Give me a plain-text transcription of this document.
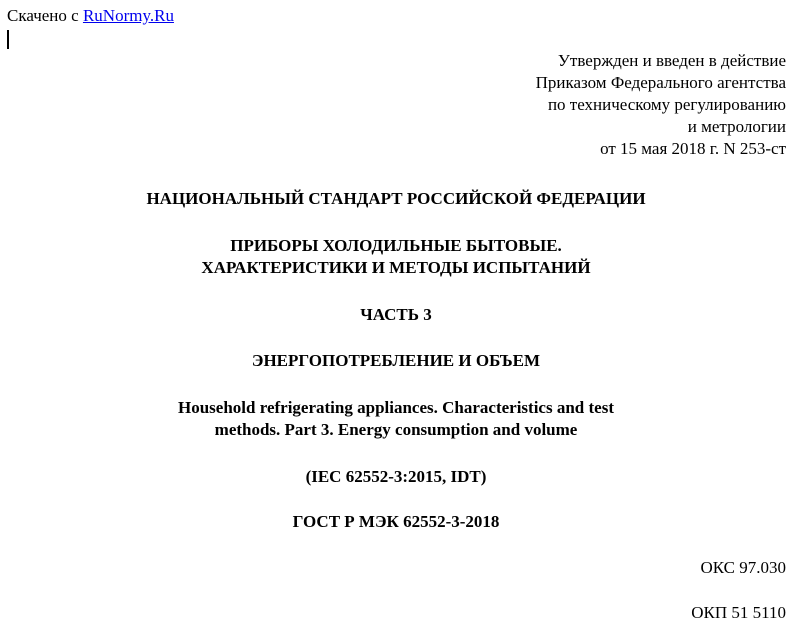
Скачено с RuNormy.Ru
Утвержден и введен в действие
Приказом Федерального агентства
по техническому регулированию
и метрологии
от 15 мая 2018 г. N 253-ст
НАЦИОНАЛЬНЫЙ СТАНДАРТ РОССИЙСКОЙ ФЕДЕРАЦИИ
ПРИБОРЫ ХОЛОДИЛЬНЫЕ БЫТОВЫЕ.
ХАРАКТЕРИСТИКИ И МЕТОДЫ ИСПЫТАНИЙ
ЧАСТЬ 3
ЭНЕРГОПОТРЕБЛЕНИЕ И ОБЪЕМ
Household refrigerating appliances. Characteristics and test
methods. Part 3. Energy consumption and volume
(IEC 62552-3:2015, IDT)
ГОСТ Р МЭК 62552-3-2018
ОКС 97.030
ОКП 51 5110
